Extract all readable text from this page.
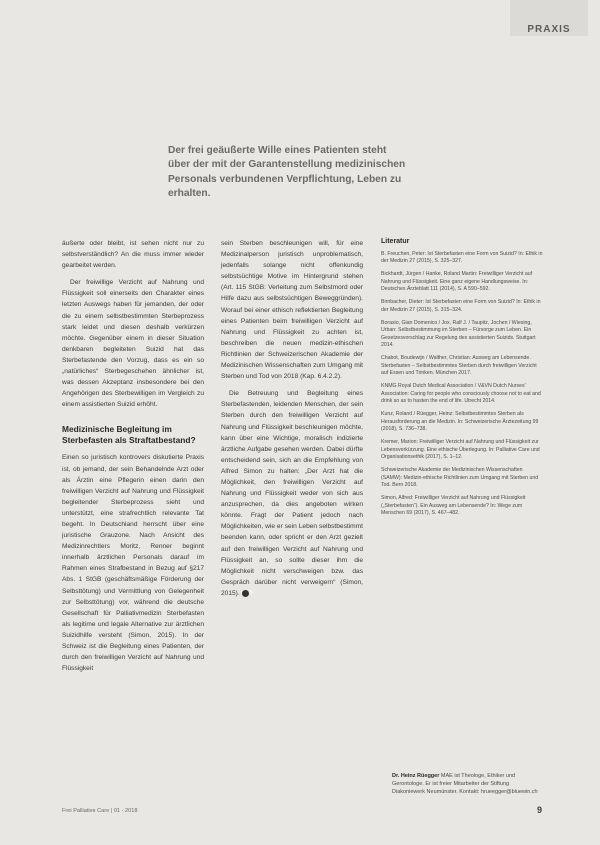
PRAXIS
Der frei geäußerte Wille eines Patienten steht über der mit der Garantenstellung medizinischen Personals verbundenen Verpflichtung, Leben zu erhalten.

äußerte oder bleibt, ist sehen nicht nur zu selbstverständlich? An die muss immer wieder gearbeitet werden.

Der freiwillige Verzicht auf Nahrung und Flüssigkeit soll einerseits den Charakter eines letzten Auswegs haben für jemanden, der oder die zu einem selbstbestimmten Sterbeprozess stark leidet und diesen deshalb verkürzen möchte. Gegenüber einem in dieser Situation denkbaren begleiteten Suizid hat das Sterbefastende den Vorzug, dass es ein so „natürliches“ Sterbegeschehen ähnlicher ist, was dessen Akzeptanz insbesondere bei den Angehörigen des Sterbewilligen im Vergleich zu einem assistierten Suizid erhöht.

Medizinische Begleitung im Sterbefasten als Straftatbestand?

Einen so juristisch kontrovers diskutierte Praxis ist, ob jemand, der sein Behandelnde Arzt oder als Ärztin eine Pflegerin einen darin den freiwilligen Verzicht auf Nahrung und Flüssigkeit begleitender Sterbeprozess sieht und unterstützt, eine strafrechtlich relevante Tat begeht. In Deutschland herrscht über eine juristische Grauzone. Nach Ansicht des Medizinrechtlers Moritz, Renner beginnt innerhalb ärztlichen Personals darauf im Rahmen eines Strafbestand in Bezug auf §217 Abs. 1 StGB (geschäftsmäßige Förderung der Selbsttötung) und Vermittlung von Gelegenheit zur Selbsttötung) vor, während die deutsche Gesellschaft für Palliativmedizin Sterbefasten als legitime und legale Alternative zur ärztlichen Suizidhilfe versteht (Simon, 2015). In der Schweiz ist die Begleitung eines Patienten, der durch den freiwilligen Verzicht auf Nahrung und Flüssigkeit

sein Sterben beschleunigen will, für eine Medizinalperson juristisch unproblematisch, jedenfalls solange nicht offenkundig selbstsüchtige Motive im Hintergrund stehen (Art. 115 StGB: Verleitung zum Selbstmord oder Hilfe dazu aus selbstsüchtigen Beweggründen). Worauf bei einer ethisch reflektierten Begleitung eines Patienten beim freiwilligen Verzicht auf Nahrung und Flüssigkeit zu achten ist, beschreiben die neuen medizin-ethischen Richtlinien der Schweizerischen Akademie der Medizinischen Wissenschaften zum Umgang mit Sterben und Tod von 2018 (Kap. 6.4.2.2).

Die Betreuung und Begleitung eines Sterbefastenden, leidenden Menschen, der sein Sterben durch den freiwilligen Verzicht auf Nahrung und Flüssigkeit beschleunigen möchte, kann über eine Wichtige, moralisch indizierte ärztliche Aufgabe gesehen werden. Dabei dürfte entscheidend sein, sich an die Empfehlung von Alfred Simon zu halten: „Der Arzt hat die Möglichkeit, den freiwilligen Verzicht auf Nahrung und Flüssigkeit weder von sich aus anzusprechen, da dies angeboten wirken könnte. Fragt der Patient jedoch nach Möglichkeiten, wie er sein Leben selbstbestimmt beenden kann, oder spricht er den Arzt gezielt auf den freiwilligen Verzicht auf Nahrung und Flüssigkeit an, so sollte dieser ihm die Möglichkeit nicht verschweigen bzw. das Gespräch darüber nicht verweigern“ (Simon, 2015). B

Literatur
B. Freuchen, Peter: Ist Sterbefasten eine Form von Suizid? In: Ethik in der Medizin 27 (2015), S. 325–327.
Bickhardt, Jürgen / Hanke, Roland Martin: Freiwilliger Verzicht auf Nahrung und Flüssigkeit. Eine ganz eigene Handlungsweise. In: Deutsches Ärzteblatt 111 (2014), S. A 590–592.
Birnbacher, Dieter: Ist Sterbefasten eine Form von Suizid? In: Ethik in der Medizin 27 (2015), S. 315–324.
Borasio, Gian Domenico / Jox, Ralf J. / Taupitz, Jochen / Wiesing, Urban: Selbstbestimmung im Sterben – Fürsorge zum Leben. Ein Gesetzesvorschlag zur Regelung des assistierten Suizids. Stuttgart 2014.
Chabot, Boudewijn / Walther, Christian: Ausweg am Lebensende. Sterbefasten – Selbstbestimmtes Sterben durch freiwilligen Verzicht auf Essen und Trinken. München 2017.
KNMG Royal Dutch Medical Association / V&VN Dutch Nurses' Association: Caring for people who consciously choose not to eat and drink so as to hasten the end of life. Utrecht 2014.
Kunz, Roland / Rüegger, Heinz: Selbstbestimmtes Sterben als Herausforderung an die Medizin. In: Schweizerische Ärztezeitung 99 (2018), S. 736–738.
Kremer, Marion: Freiwilliger Verzicht auf Nahrung und Flüssigkeit zur Lebensverkürzung. Eine ethische Überlegung. In: Palliative Care und Organisationsethik (2017), S. 1–12.
Schweizerische Akademie der Medizinischen Wissenschaften (SAMW): Medizin-ethische Richtlinien zum Umgang mit Sterben und Tod. Bern 2018.
Simon, Alfred: Freiwilliger Verzicht auf Nahrung und Flüssigkeit („Sterbefasten“). Ein Ausweg am Lebensende? In: Wege zum Menschen 69 (2017), S. 467–482.
Dr. Heinz Rüegger MAE ist Theologe, Ethiker und Gerontologe. Er ist freier Mitarbeiter der Stiftung Diakoniewerk Neumünster. Kontakt: hrueegger@bluewin.ch
Frei Palliative Care | 01 · 2018	9
